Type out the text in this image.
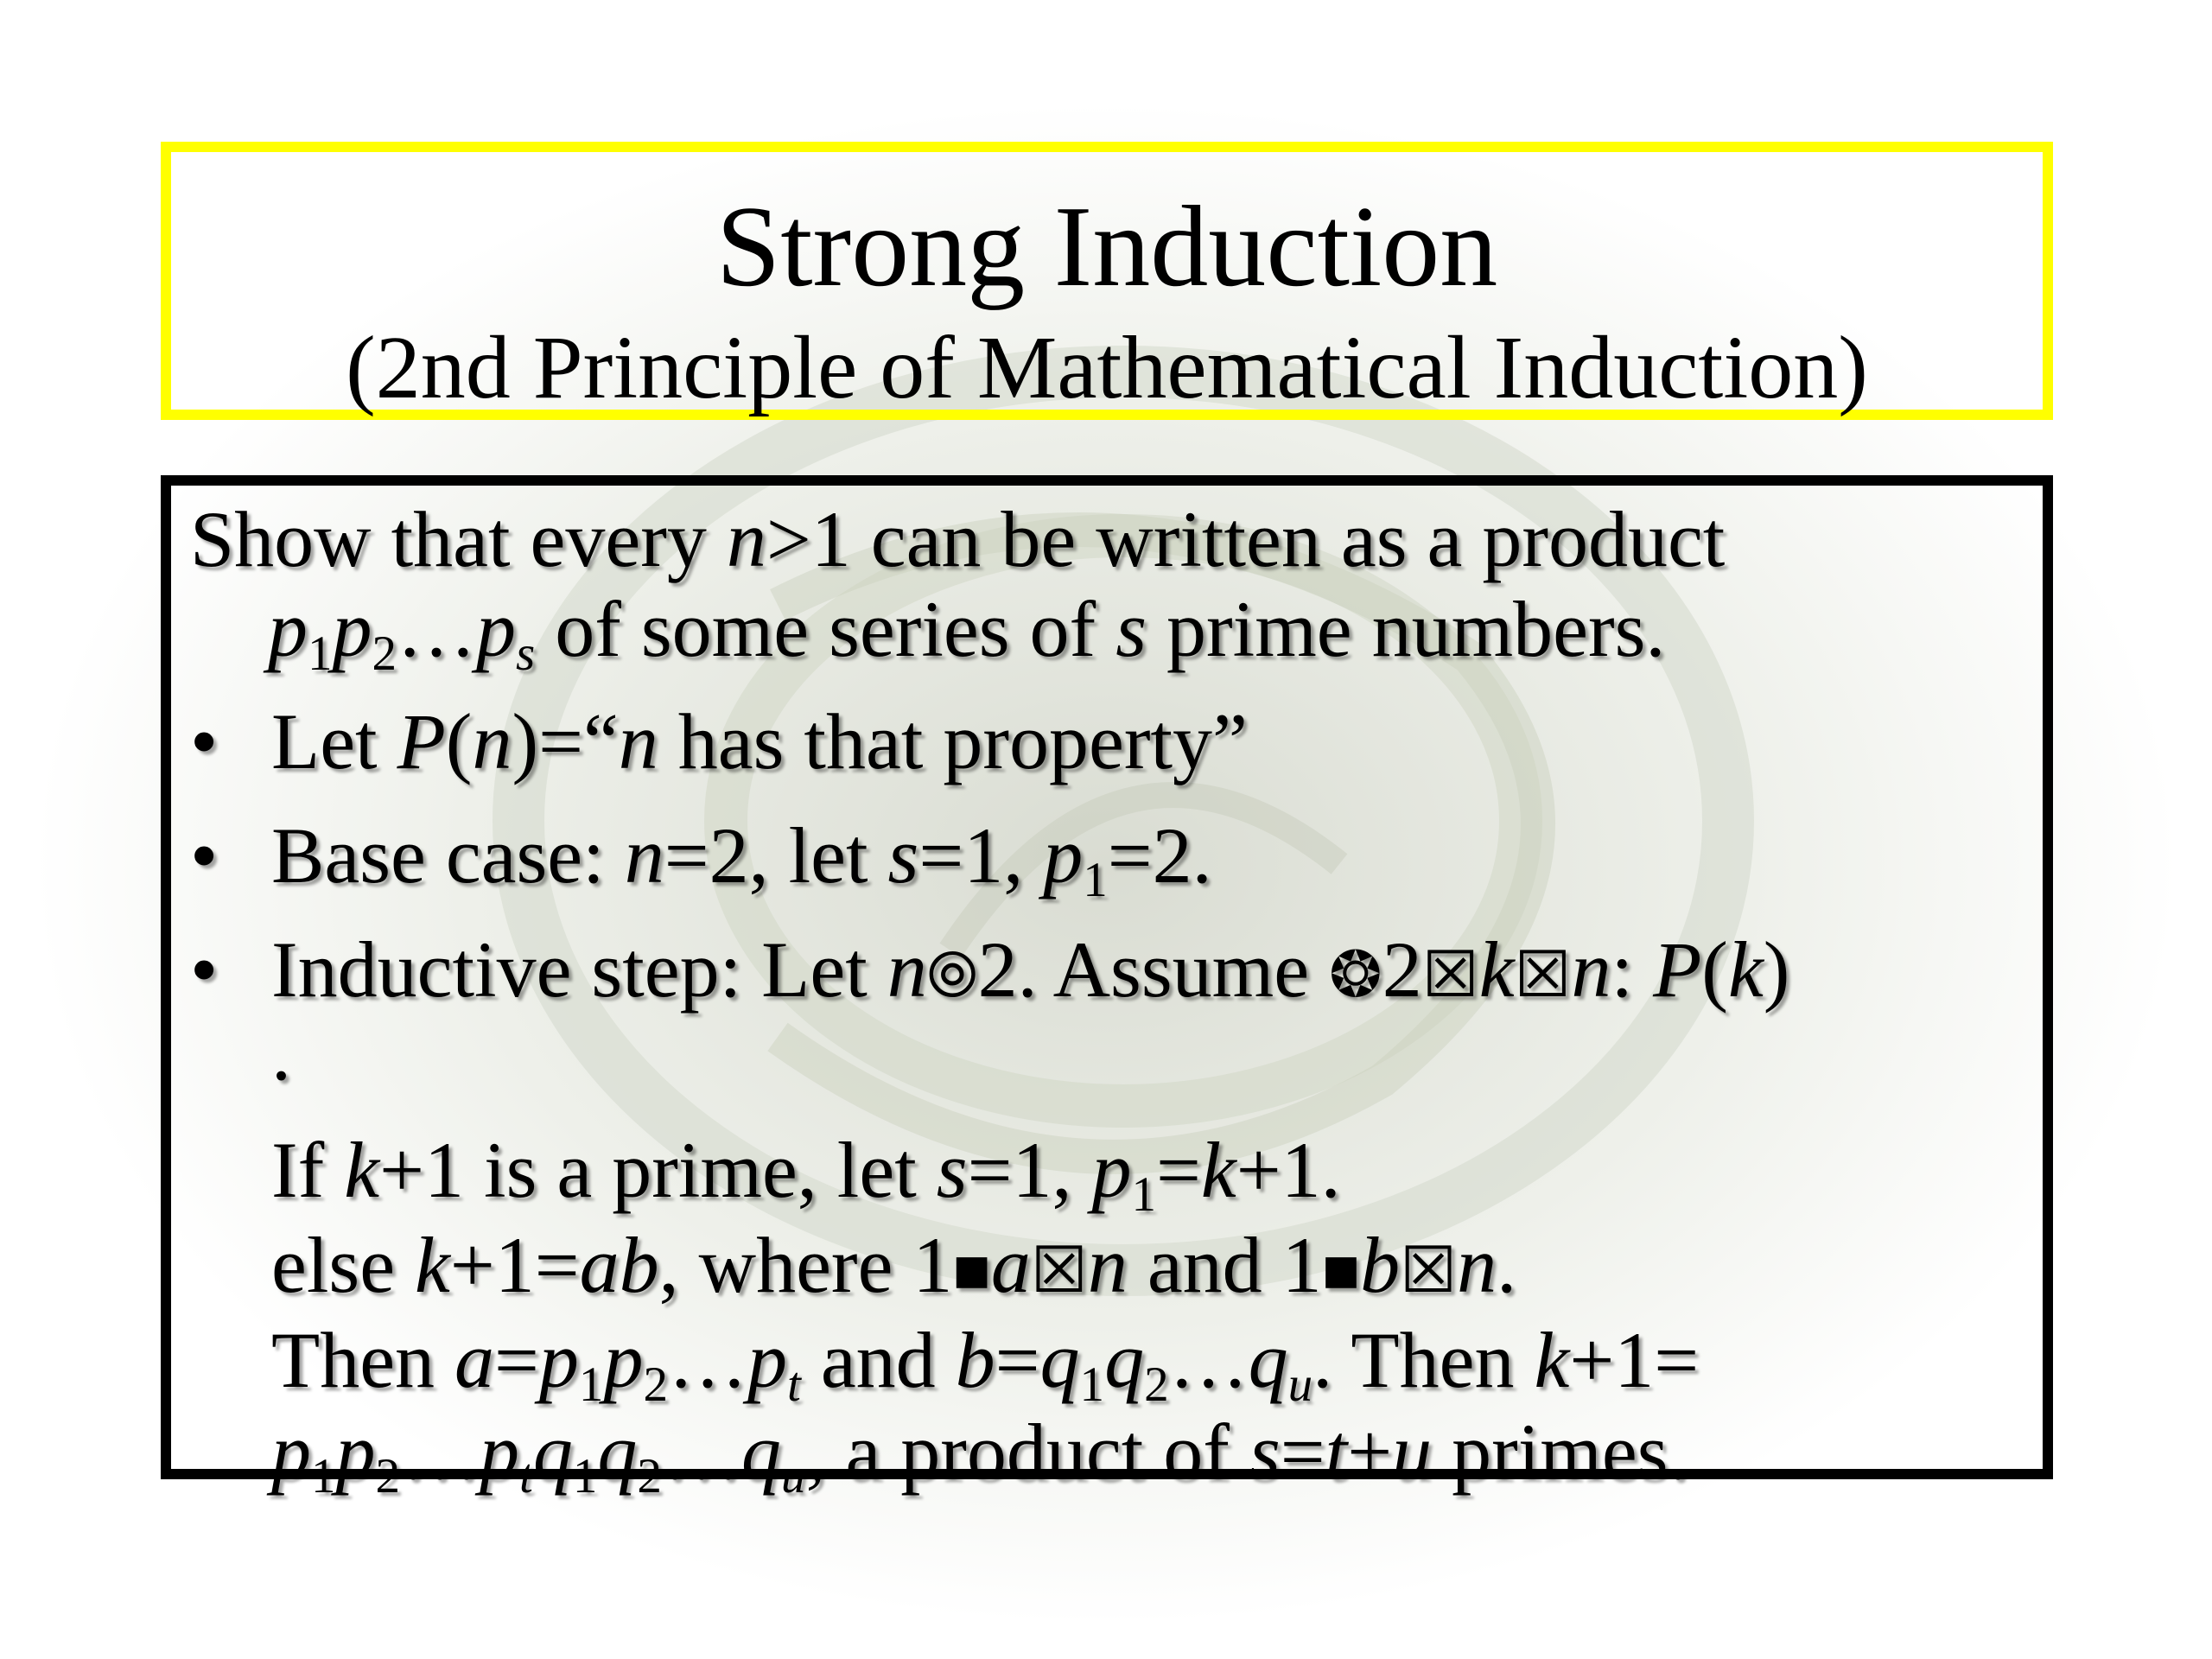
Strong Induction
(2nd Principle of Mathematical Induction)
Show that every n>1 can be written as a product
$p_1p_2\dots p_s$ of some series of s prime numbers.
• Let P(n)=“n has that property”
• Base case: n=2, let s=1, $p_1=2$.
• Inductive step: Let n⦾2. Assume ❂2☒k☒n: P(k)
.
If k+1 is a prime, let s=1, $p_1=k+1$.
else k+1=ab, where 1■a☒n and 1■b☒n.
Then $a=p_1p_2\dots p_t$ and $b=q_1q_2\dots q_u$. Then k+1=
$p_1p_2\dots p_tq_1q_2\dots q_u$, a product of s=t+u primes.
